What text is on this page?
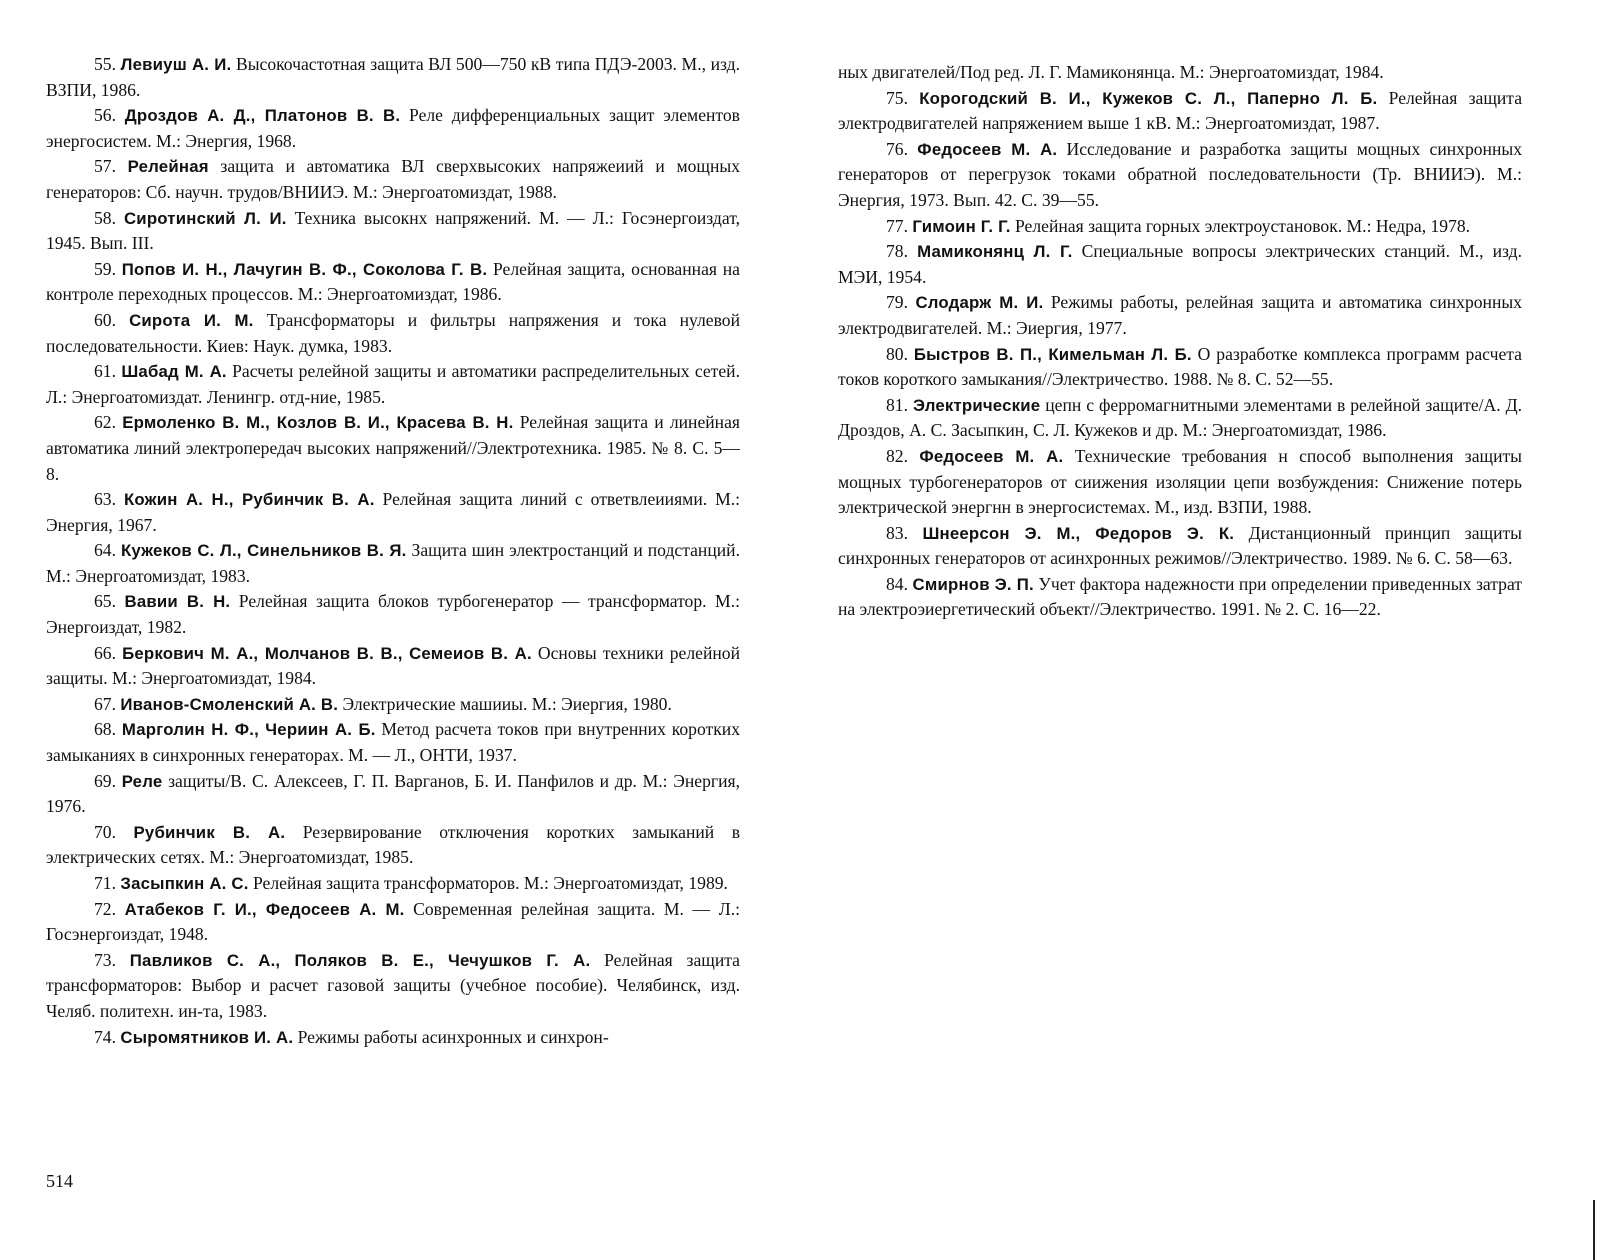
55. Левиуш А. И. Высокочастотная защита ВЛ 500—750 кВ типа ПДЭ-2003. М., изд. ВЗПИ, 1986.

56. Дроздов А. Д., Платонов В. В. Реле дифференциальных защит элементов энергосистем. М.: Энергия, 1968.

57. Релейная защита и автоматика ВЛ сверхвысоких напряжеиий и мощных генераторов: Сб. научн. трудов/ВНИИЭ. М.: Энергоатомиздат, 1988.

58. Сиротинский Л. И. Техника высокнх напряжений. М. — Л.: Госэнергоиздат, 1945. Вып. III.

59. Попов И. Н., Лачугин В. Ф., Соколова Г. В. Релейная защита, основанная на контроле переходных процессов. М.: Энергоатомиздат, 1986.

60. Сирота И. М. Трансформаторы и фильтры напряжения и тока нулевой последовательности. Киев: Наук. думка, 1983.

61. Шабад М. А. Расчеты релейной защиты и автоматики распределительных сетей. Л.: Энергоатомиздат. Ленингр. отд-ние, 1985.

62. Ермоленко В. М., Козлов В. И., Красева В. Н. Релейная защита и линейная автоматика линий электропередач высоких напряжений//Электротехника. 1985. № 8. С. 5—8.

63. Кожин А. Н., Рубинчик В. А. Релейная защита линий с ответвлеииями. М.: Энергия, 1967.

64. Кужеков С. Л., Синельников В. Я. Защита шин электростанций и подстанций. М.: Энергоатомиздат, 1983.

65. Вавии В. Н. Релейная защита блоков турбогенератор — трансформатор. М.: Энергоиздат, 1982.

66. Беркович М. А., Молчанов В. В., Семеиов В. А. Основы техники релейной защиты. М.: Энергоатомиздат, 1984.

67. Иванов-Смоленский А. В. Электрические машииы. М.: Эиергия, 1980.

68. Марголин Н. Ф., Чериин А. Б. Метод расчета токов при внутренних коротких замыканиях в синхронных генераторах. М. — Л., ОНТИ, 1937.

69. Реле защиты/В. С. Алексеев, Г. П. Варганов, Б. И. Панфилов и др. М.: Энергия, 1976.

70. Рубинчик В. А. Резервирование отключения коротких замыканий в электрических сетях. М.: Энергоатомиздат, 1985.

71. Засыпкин А. С. Релейная защита трансформаторов. М.: Энергоатомиздат, 1989.

72. Атабеков Г. И., Федосеев А. М. Современная релейная защита. М. — Л.: Госэнергоиздат, 1948.

73. Павликов С. А., Поляков В. Е., Чечушков Г. А. Релейная защита трансформаторов: Выбор и расчет газовой защиты (учебное пособие). Челябинск, изд. Челяб. политехн. ин-та, 1983.

74. Сыромятников И. А. Режимы работы асинхронных и синхрон-

ных двигателей/Под ред. Л. Г. Мамиконянца. М.: Энергоатомиздат, 1984.

75. Корогодский В. И., Кужеков С. Л., Паперно Л. Б. Релейная защита электродвигателей напряжением выше 1 кВ. М.: Энергоатомиздат, 1987.

76. Федосеев М. А. Исследование и разработка защиты мощных синхронных генераторов от перегрузок токами обратной последовательности (Тр. ВНИИЭ). М.: Энергия, 1973. Вып. 42. С. 39—55.

77. Гимоин Г. Г. Релейная защита горных электроустановок. М.: Недра, 1978.

78. Мамиконянц Л. Г. Специальные вопросы электрических станций. М., изд. МЭИ, 1954.

79. Слодарж М. И. Режимы работы, релейная защита и автоматика синхронных электродвигателей. М.: Эиергия, 1977.

80. Быстров В. П., Кимельман Л. Б. О разработке комплекса программ расчета токов короткого замыкания//Электричество. 1988. № 8. С. 52—55.

81. Электрические цепн с ферромагнитными элементами в релейной защите/А. Д. Дроздов, А. С. Засыпкин, С. Л. Кужеков и др. М.: Энергоатомиздат, 1986.

82. Федосеев М. А. Технические требования н способ выполнения защиты мощных турбогенераторов от сиижения изоляции цепи возбуждения: Снижение потерь электрической энергнн в энергосистемах. М., изд. ВЗПИ, 1988.

83. Шнеерсон Э. М., Федоров Э. К. Дистанционный принцип защиты синхронных генераторов от асинхронных режимов//Электричество. 1989. № 6. С. 58—63.

84. Смирнов Э. П. Учет фактора надежности при определении приведенных затрат на электроэиергетический объект//Электричество. 1991. № 2. С. 16—22.

514
